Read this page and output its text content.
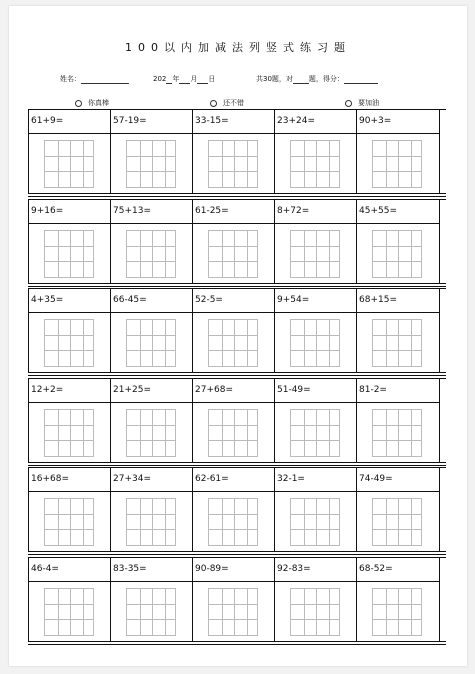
100以内加减法列竖式练习题
姓名：	202 年 月 日	共30题，对 题，得分：
你真棒	还不错	要加油
61+9=	57-19=	33-15=	23+24=	90+3=
9+16=	75+13=	61-25=	8+72=	45+55=
4+35=	66-45=	52-5=	9+54=	68+15=
12+2=	21+25=	27+68=	51-49=	81-2=
16+68=	27+34=	62-61=	32-1=	74-49=
46-4=	83-35=	90-89=	92-83=	68-52=
